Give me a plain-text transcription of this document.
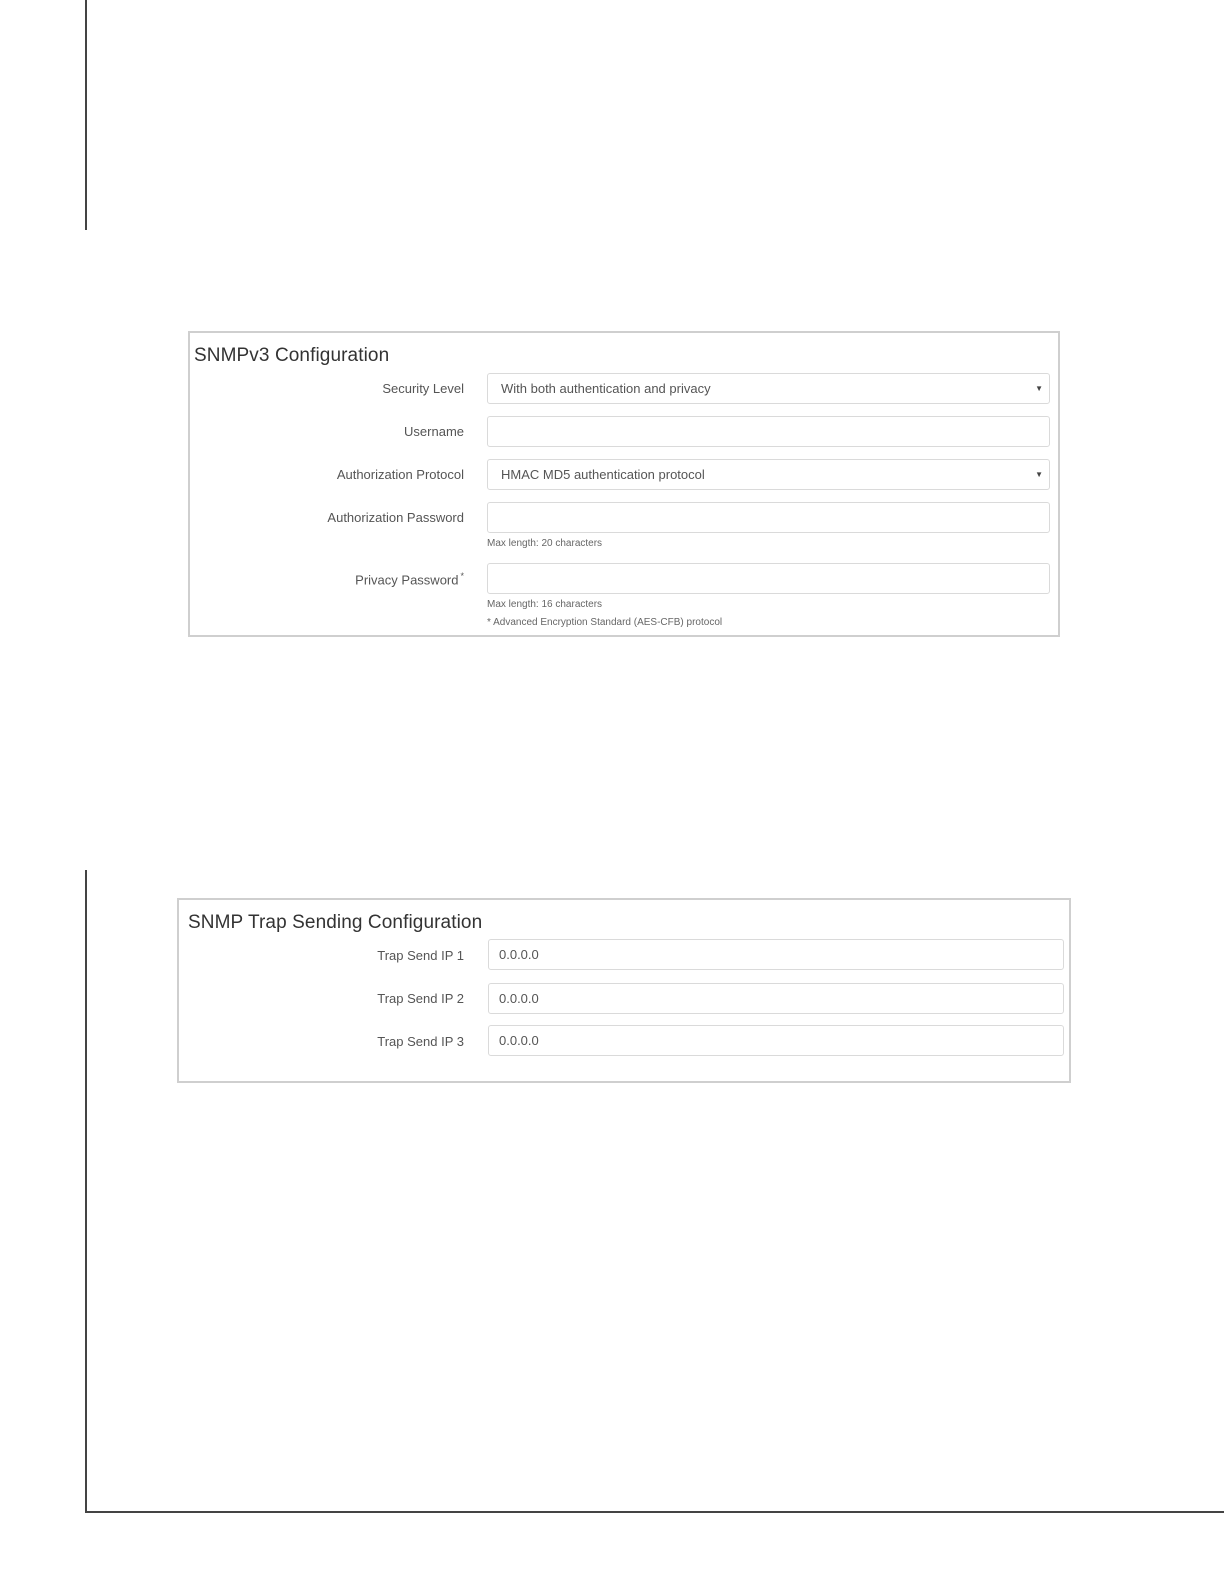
SNMPv3 Configuration
Security Level	With both authentication and privacy	▼
Username
Authorization Protocol	HMAC MD5 authentication protocol	▼
Authorization Password
Max length: 20 characters
Privacy Password *
Max length: 16 characters
* Advanced Encryption Standard (AES-CFB) protocol
SNMP Trap Sending Configuration
Trap Send IP 1	0.0.0.0
Trap Send IP 2	0.0.0.0
Trap Send IP 3	0.0.0.0
